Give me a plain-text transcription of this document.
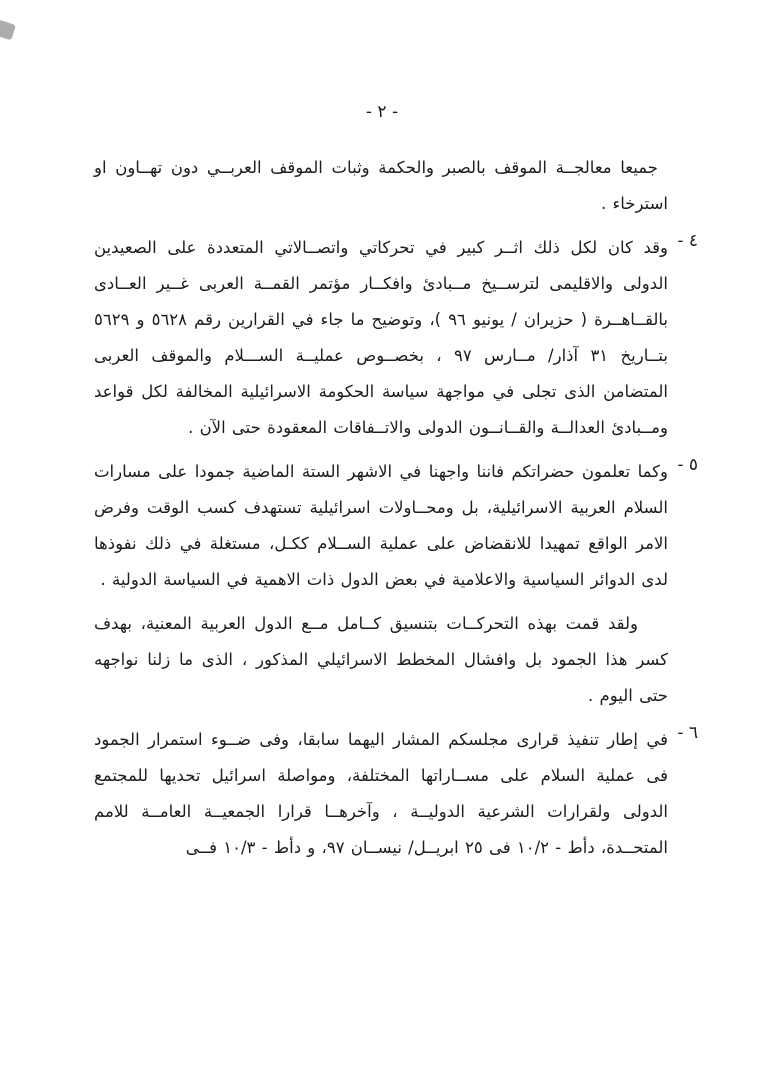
- ٢ -

جميعا معالجــة الموقف بالصبر والحكمة وثبات الموقف العربــي دون تهــاون او استرخاء .

٤ -

وقد كان لكل ذلك اثــر كبير في تحركاتي واتصــالاتي المتعددة على الصعيدين الدولى والاقليمى لترســيخ مــبادئ وافكــار مؤتمر القمــة العربى غــير العــادى بالقــاهــرة ( حزيران / يونيو ٩٦ )، وتوضيح ما جاء في القرارين رقم ٥٦٢٨ و ٥٦٢٩ بتــاريخ ٣١ آذار/ مــارس ٩٧ ، بخصــوص عمليــة الســـلام والموقف العربى المتضامن الذى تجلى في مواجهة سياسة الحكومة الاسرائيلية المخالفة لكل قواعد ومــبادئ العدالــة والقــانــون الدولى والاتــفاقات المعقودة حتى الآن .

٥ -

وكما تعلمون حضراتكم فاننا واجهنا في الاشهر الستة الماضية جمودا على مسارات السلام العربية الاسرائيلية، بل ومحــاولات اسرائيلية تستهدف كسب الوقت وفرض الامر الواقع تمهيدا للانقضاض على عملية الســلام ككـل، مستغلة في ذلك نفوذها لدى الدوائر السياسية والاعلامية في بعض الدول ذات الاهمية في السياسة الدولية .

ولقد قمت بهذه التحركــات بتنسيق كــامل مــع الدول العربية المعنية، بهدف كسر هذا الجمود بل وافشال المخطط الاسرائيلي المذكور ، الذى ما زلنا نواجهه حتى اليوم .

٦ -

في إطار تنفيذ قرارى مجلسكم المشار اليهما سابقا، وفى ضــوء استمرار الجمود فى عملية السلام على مســاراتها المختلفة، ومواصلة اسرائيل تحديها للمجتمع الدولى ولقرارات الشرعية الدوليــة ، وآخرهــا قرارا الجمعيــة العامــة للامم المتحــدة، دأط - ١٠/٢ فى ٢٥ ابريــل/ نيســان ٩٧، و دأط - ١٠/٣ فــى
